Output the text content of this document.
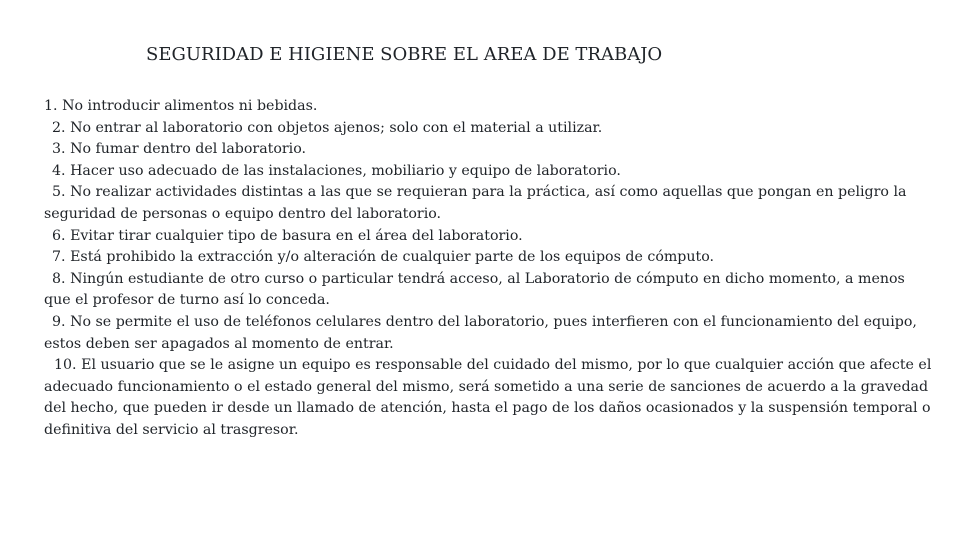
SEGURIDAD E HIGIENE SOBRE EL AREA DE TRABAJO
1. No introducir alimentos ni bebidas.
2. No entrar al laboratorio con objetos ajenos; solo con el material a utilizar.
3. No fumar dentro del laboratorio.
4. Hacer uso adecuado de las instalaciones, mobiliario y equipo de laboratorio.
5. No realizar actividades distintas a las que se requieran para la práctica, así como aquellas que pongan en peligro la seguridad de personas o equipo dentro del laboratorio.
6. Evitar tirar cualquier tipo de basura en el área del laboratorio.
7. Está prohibido la extracción y/o alteración de cualquier parte de los equipos de cómputo.
8. Ningún estudiante de otro curso o particular tendrá acceso, al Laboratorio de cómputo en dicho momento, a menos que el profesor de turno así lo conceda.
9. No se permite el uso de teléfonos celulares dentro del laboratorio, pues interfieren con el funcionamiento del equipo, estos deben ser apagados al momento de entrar.
10. El usuario que se le asigne un equipo es responsable del cuidado del mismo, por lo que cualquier acción que afecte el adecuado funcionamiento o el estado general del mismo, será sometido a una serie de sanciones de acuerdo a la gravedad del hecho, que pueden ir desde un llamado de atención, hasta el pago de los daños ocasionados y la suspensión temporal o definitiva del servicio al trasgresor.
